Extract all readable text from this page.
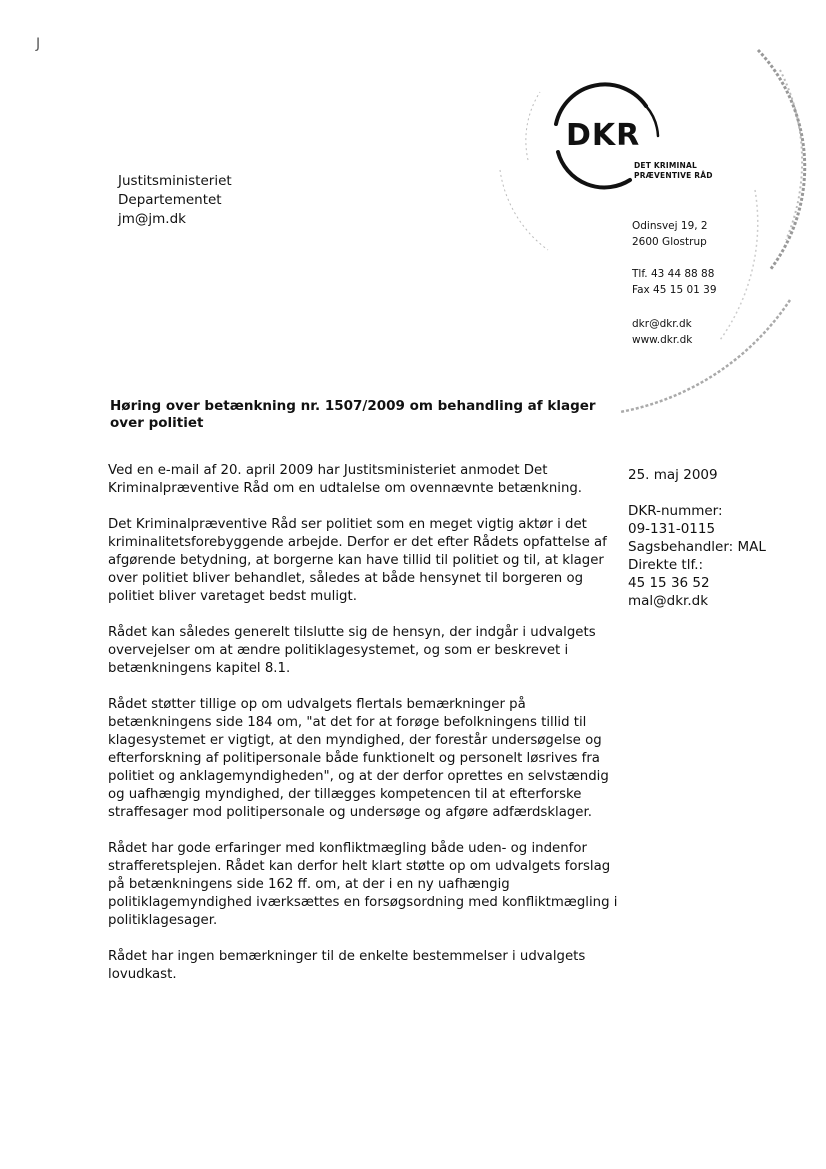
J
Justitsministeriet
Departementet
jm@jm.dk
DKR
DET KRIMINAL
PRÆVENTIVE RÅD
Odinsvej 19, 2
2600 Glostrup
Tlf. 43 44 88 88
Fax 45 15 01 39
dkr@dkr.dk
www.dkr.dk
Høring over betænkning nr. 1507/2009 om behandling af klager
over politiet

Ved en e-mail af 20. april 2009 har Justitsministeriet anmodet Det Kriminalpræventive Råd om en udtalelse om ovennævnte betænkning.

Det Kriminalpræventive Råd ser politiet som en meget vigtig aktør i det kriminalitetsforebyggende arbejde. Derfor er det efter Rådets opfattelse af afgørende betydning, at borgerne kan have tillid til politiet og til, at klager over politiet bliver behandlet, således at både hensynet til borgeren og politiet bliver varetaget bedst muligt.

Rådet kan således generelt tilslutte sig de hensyn, der indgår i udvalgets overvejelser om at ændre politiklagesystemet, og som er beskrevet i betænkningens kapitel 8.1.

Rådet støtter tillige op om udvalgets flertals bemærkninger på betænkningens side 184 om, "at det for at forøge befolkningens tillid til klagesystemet er vigtigt, at den myndighed, der forestår undersøgelse og efterforskning af politipersonale både funktionelt og personelt løsrives fra politiet og anklagemyndigheden", og at der derfor oprettes en selvstændig og uafhængig myndighed, der tillægges kompetencen til at efterforske straffesager mod politipersonale og undersøge og afgøre adfærdsklager.

Rådet har gode erfaringer med konfliktmægling både uden- og indenfor strafferetsplejen. Rådet kan derfor helt klart støtte op om udvalgets forslag på betænkningens side 162 ff. om, at der i en ny uafhængig politiklagemyndighed iværksættes en forsøgsordning med konfliktmægling i politiklagesager.

Rådet har ingen bemærkninger til de enkelte bestemmelser i udvalgets lovudkast.

25. maj 2009
DKR-nummer:
09-131-0115
Sagsbehandler: MAL
Direkte tlf.:
45 15 36 52
mal@dkr.dk
